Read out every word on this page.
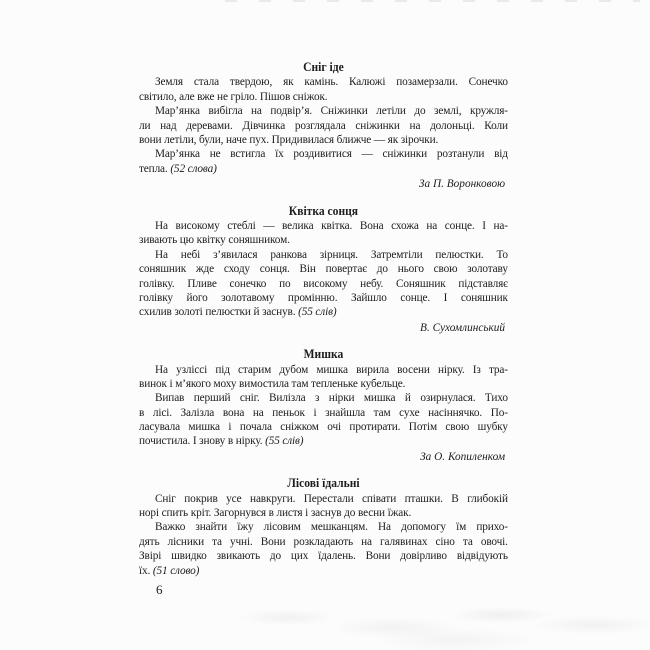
Сніг іде
Земля стала твердою, як камінь. Калюжі позамерзали. Сонечко
світило, але вже не гріло. Пішов сніжок.
Мар’янка вибігла на подвір’я. Сніжинки летіли до землі, кружля-
ли над деревами. Дівчинка розглядала сніжинки на долоньці. Коли
вони летіли, були, наче пух. Придивилася ближче — як зірочки.
Мар’янка не встигла їх роздивитися — сніжинки розтанули від
тепла. (52 слова)
За П. Воронковою
Квітка сонця
На високому стеблі — велика квітка. Вона схожа на сонце. І на-
зивають цю квітку соняшником.
На небі з’явилася ранкова зірниця. Затремтіли пелюстки. То
соняшник жде сходу сонця. Він повертає до нього свою золотаву
голівку. Пливе сонечко по високому небу. Соняшник підставляє
голівку його золотавому промінню. Зайшло сонце. І соняшник
схилив золоті пелюстки й заснув. (55 слів)
В. Сухомлинський
Мишка
На узліссі під старим дубом мишка вирила восени нірку. Із тра-
винок і м’якого моху вимостила там тепленьке кубельце.
Випав перший сніг. Вилізла з нірки мишка й озирнулася. Тихо
в лісі. Залізла вона на пеньок і знайшла там сухе насіннячко. По-
ласувала мишка і почала сніжком очі протирати. Потім свою шубку
почистила. І знову в нірку. (55 слів)
За О. Копиленком
Лісові їдальні
Сніг покрив усе навкруги. Перестали співати пташки. В глибокій
норі спить кріт. Загорнувся в листя і заснув до весни їжак.
Важко знайти їжу лісовим мешканцям. На допомогу їм прихо-
дять лісники та учні. Вони розкладають на галявинах сіно та овочі.
Звірі швидко звикають до цих їдалень. Вони довірливо відвідують
їх. (51 слово)
6
